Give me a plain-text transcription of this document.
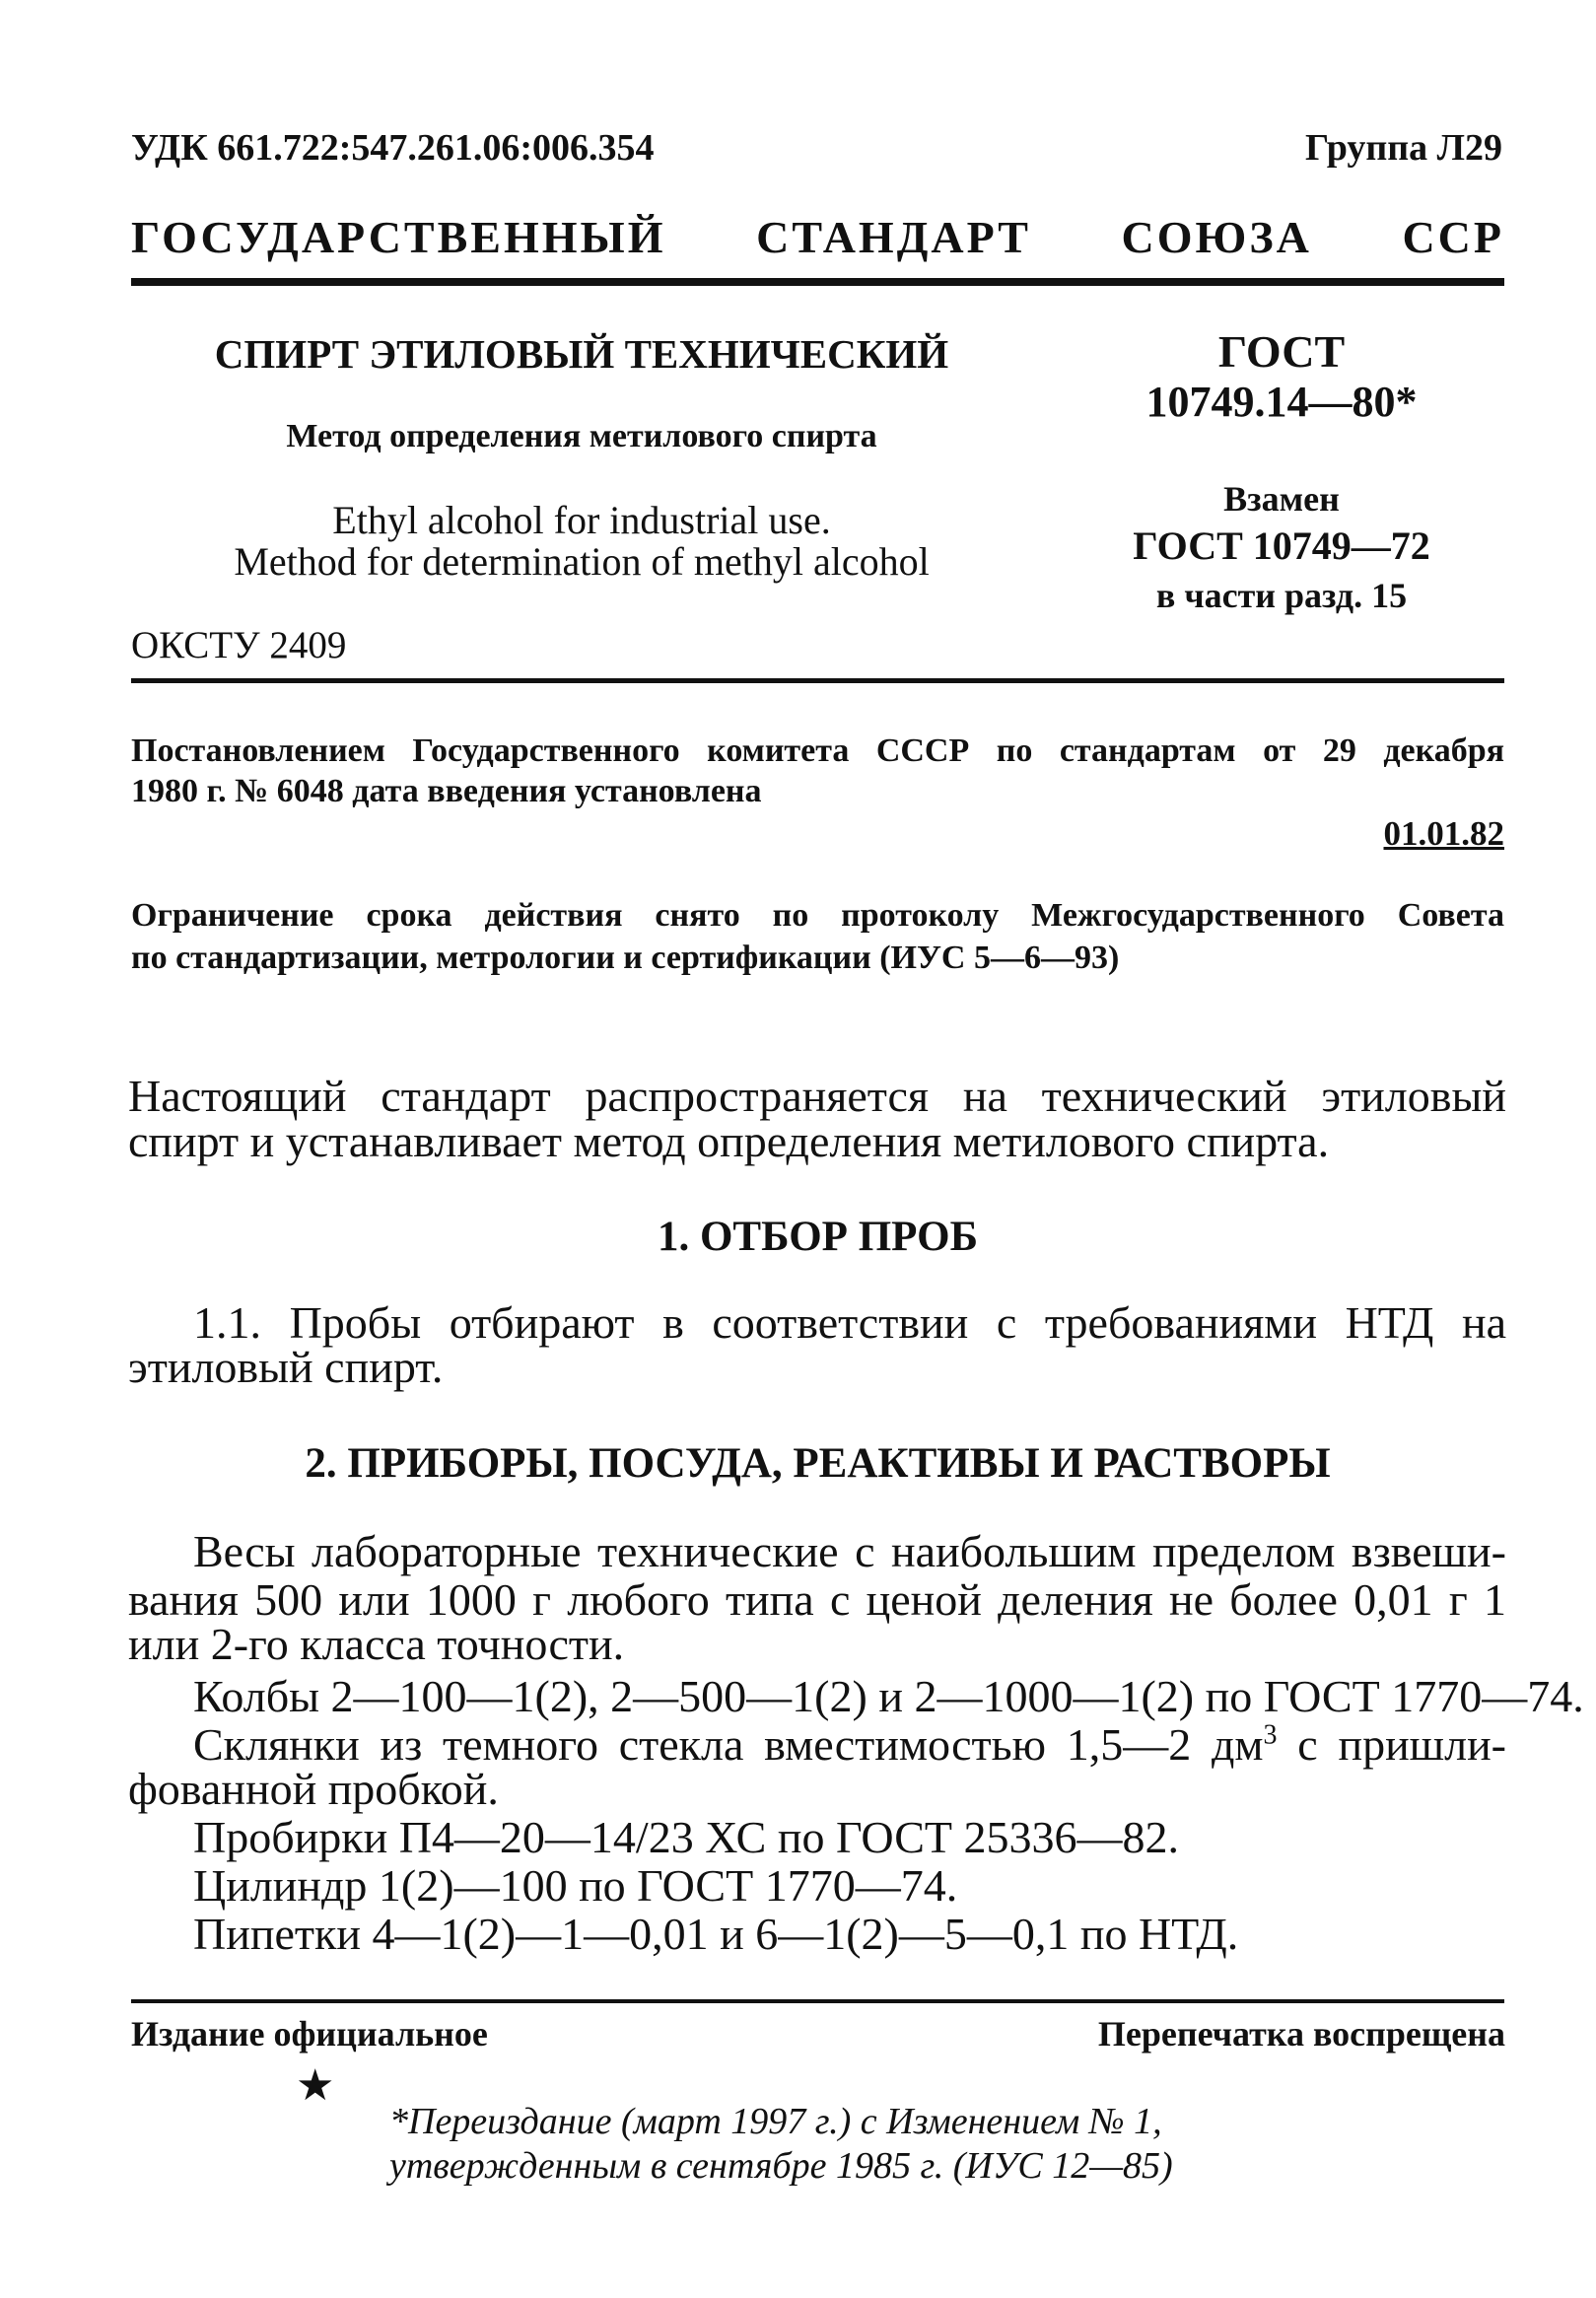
УДК 661.722:547.261.06:006.354	Группа Л29
ГОСУДАРСТВЕННЫЙ СТАНДАРТ СОЮЗА ССР
СПИРТ ЭТИЛОВЫЙ ТЕХНИЧЕСКИЙ
Метод определения метилового спирта
Ethyl alcohol for industrial use.
Method for determination of methyl alcohol
ОКСТУ 2409
ГОСТ
10749.14—80*
Взамен
ГОСТ 10749—72
в части разд. 15
Постановлением Государственного комитета СССР по стандартам от 29 декабря
1980 г. № 6048 дата введения установлена
01.01.82
Ограничение срока действия снято по протоколу Межгосударственного Совета
по стандартизации, метрологии и сертификации (ИУС 5—6—93)
Настоящий стандарт распространяется на технический этиловый
спирт и устанавливает метод определения метилового спирта.
1. ОТБОР ПРОБ
1.1. Пробы отбирают в соответствии с требованиями НТД на
этиловый спирт.
2. ПРИБОРЫ, ПОСУДА, РЕАКТИВЫ И РАСТВОРЫ
Весы лабораторные технические с наибольшим пределом взвеши-
вания 500 или 1000 г любого типа с ценой деления не более 0,01 г 1
или 2-го класса точности.
Колбы 2—100—1(2), 2—500—1(2) и 2—1000—1(2) по ГОСТ 1770—74.
Склянки из темного стекла вместимостью 1,5—2 $дм^3$ с пришли-
фованной пробкой.
Пробирки П4—20—14/23 ХС по ГОСТ 25336—82.
Цилиндр 1(2)—100 по ГОСТ 1770—74.
Пипетки 4—1(2)—1—0,01 и 6—1(2)—5—0,1 по НТД.
Издание официальное	Перепечатка воспрещена
★
*Переиздание (март 1997 г.) с Изменением № 1,
утвержденным в сентябре 1985 г. (ИУС 12—85)
